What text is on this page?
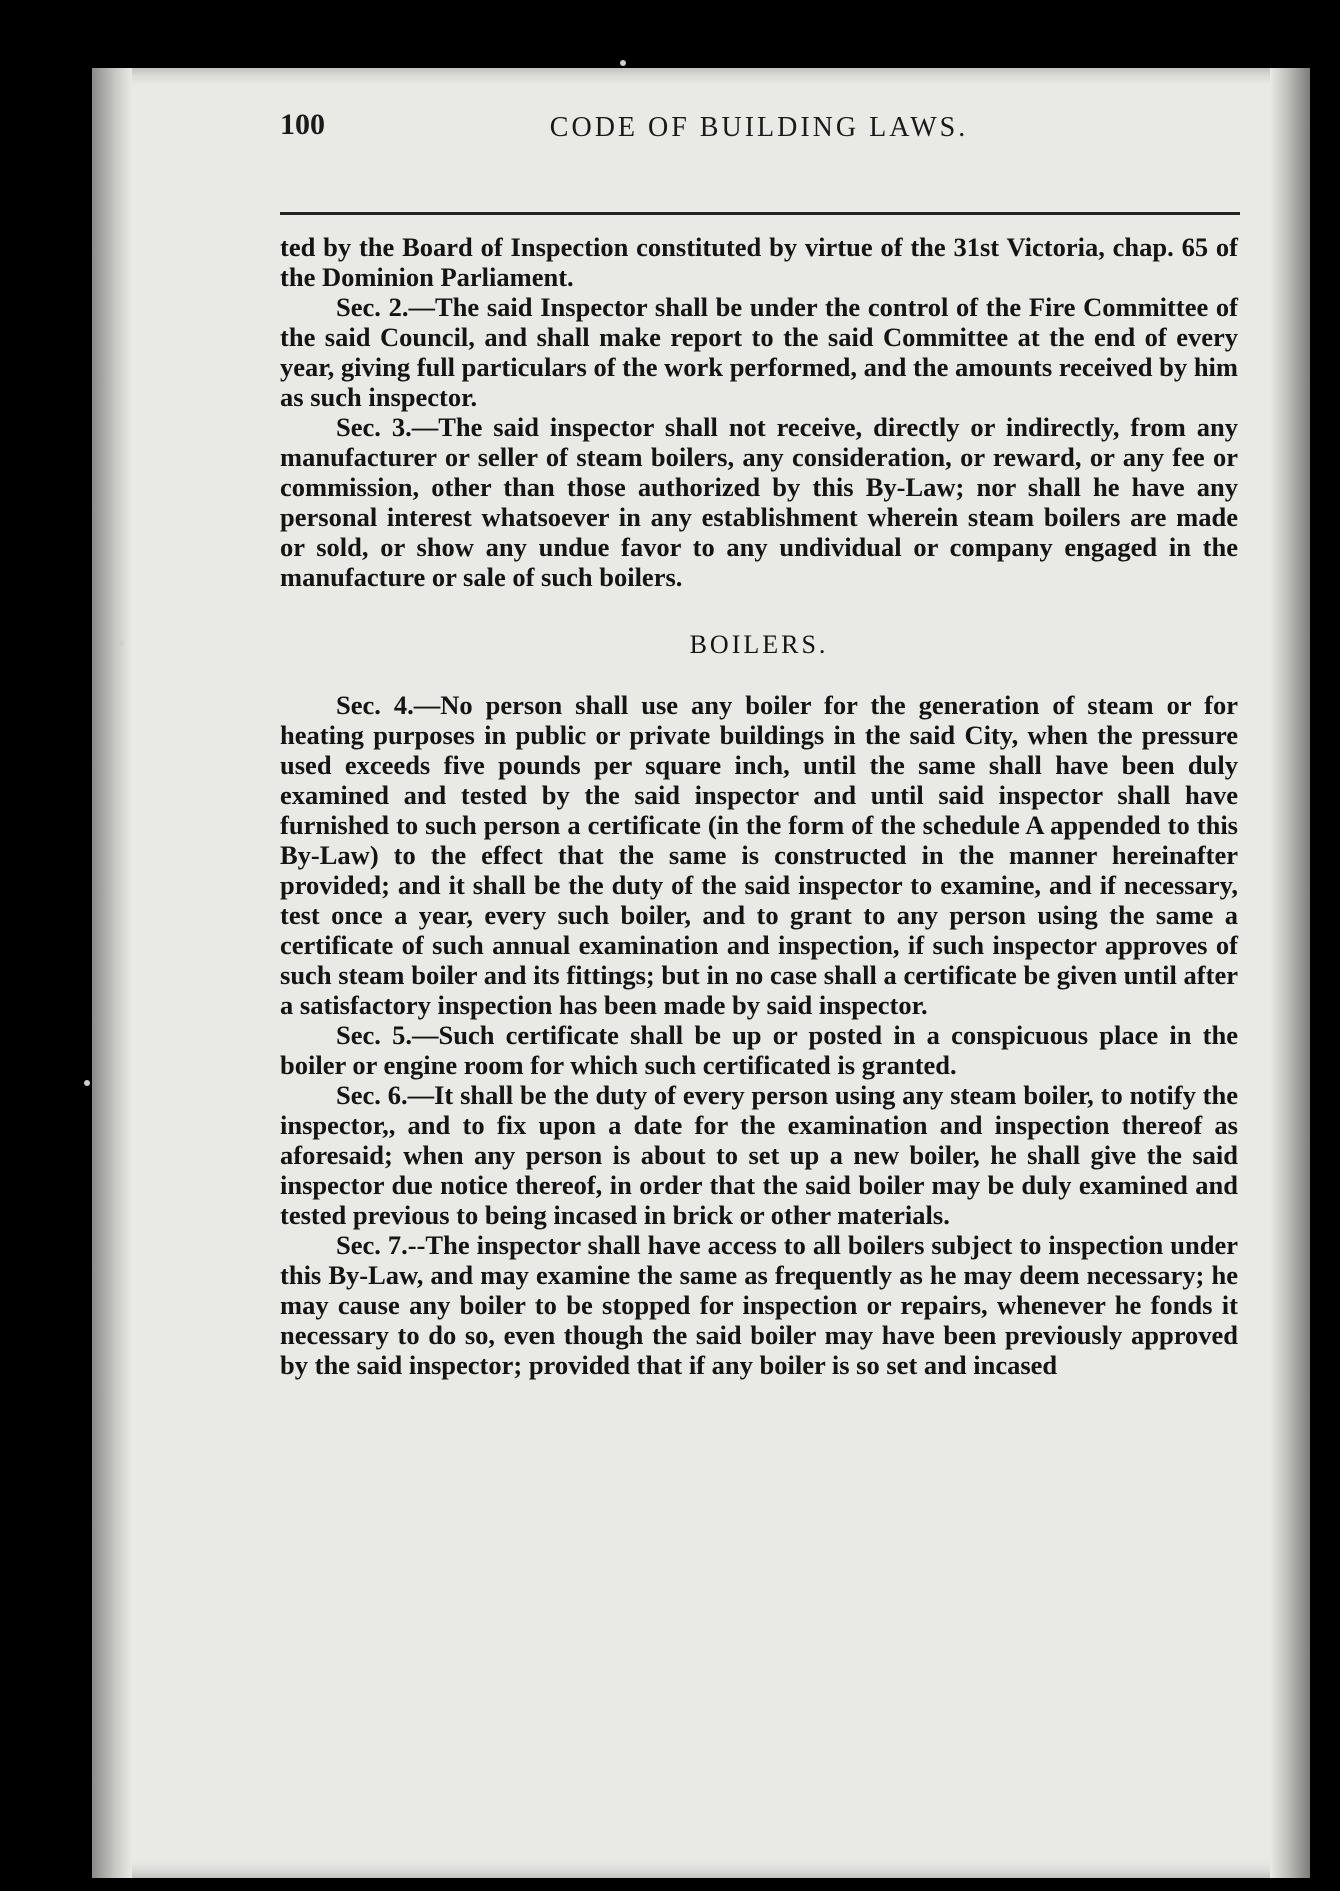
100	CODE OF BUILDING LAWS.

ted by the Board of Inspection constituted by virtue of the 31st Victoria, chap. 65 of the Dominion Parliament.

Sec. 2.—The said Inspector shall be under the control of the Fire Committee of the said Council, and shall make report to the said Committee at the end of every year, giving full particulars of the work performed, and the amounts received by him as such inspector.

Sec. 3.—The said inspector shall not receive, directly or indirectly, from any manufacturer or seller of steam boilers, any consideration, or reward, or any fee or commission, other than those authorized by this By-Law; nor shall he have any personal interest whatsoever in any establishment wherein steam boilers are made or sold, or show any undue favor to any undividual or company engaged in the manufacture or sale of such boilers.

BOILERS.

Sec. 4.—No person shall use any boiler for the generation of steam or for heating purposes in public or private buildings in the said City, when the pressure used exceeds five pounds per square inch, until the same shall have been duly examined and tested by the said inspector and until said inspector shall have furnished to such person a certificate (in the form of the schedule A appended to this By-Law) to the effect that the same is constructed in the manner hereinafter provided; and it shall be the duty of the said inspector to examine, and if necessary, test once a year, every such boiler, and to grant to any person using the same a certificate of such annual examination and inspection, if such inspector approves of such steam boiler and its fittings; but in no case shall a certificate be given until after a satisfactory inspection has been made by said inspector.

Sec. 5.—Such certificate shall be up or posted in a conspicuous place in the boiler or engine room for which such certificated is granted.

Sec. 6.—It shall be the duty of every person using any steam boiler, to notify the inspector,, and to fix upon a date for the examination and inspection thereof as aforesaid; when any person is about to set up a new boiler, he shall give the said inspector due notice thereof, in order that the said boiler may be duly examined and tested previous to being incased in brick or other materials.

Sec. 7.--The inspector shall have access to all boilers subject to inspection under this By-Law, and may examine the same as frequently as he may deem necessary; he may cause any boiler to be stopped for inspection or repairs, whenever he fonds it necessary to do so, even though the said boiler may have been previously approved by the said inspector; provided that if any boiler is so set and incased
